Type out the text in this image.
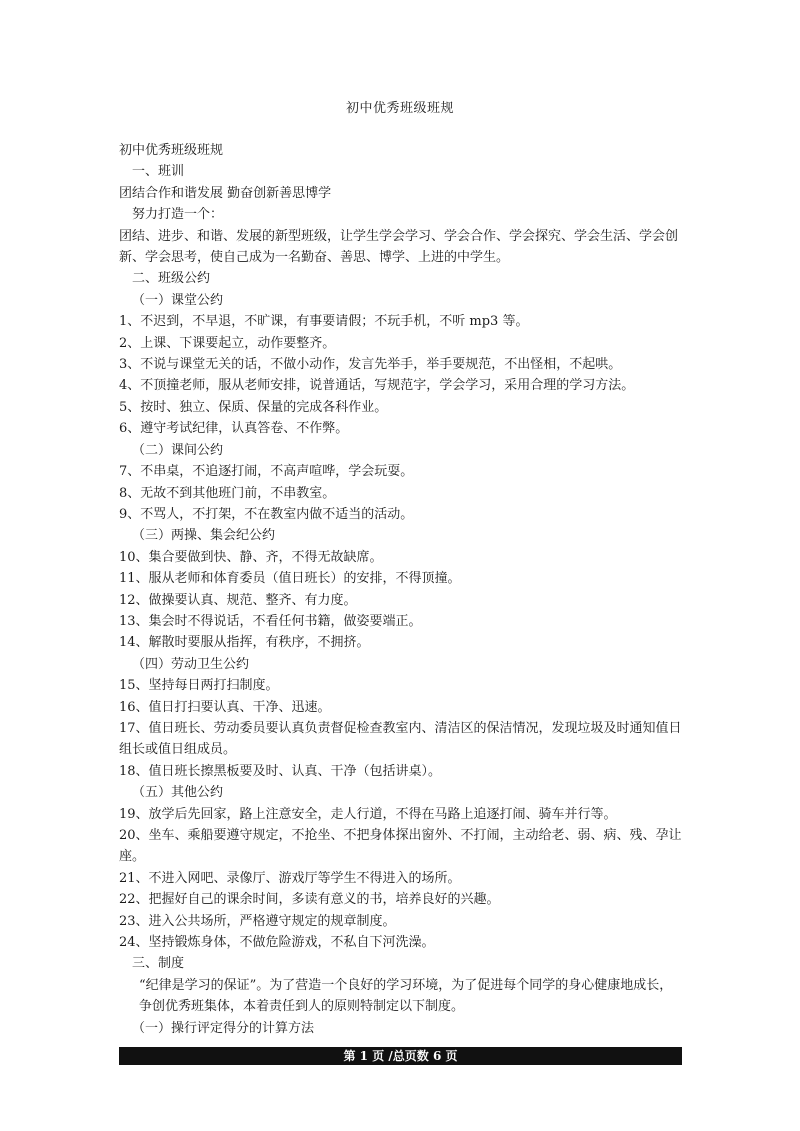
初中优秀班级班规

初中优秀班级班规

一、班训

团结合作和谐发展 勤奋创新善思博学

努力打造一个：

团结、进步、和谐、发展的新型班级，让学生学会学习、学会合作、学会探究、学会生活、学会创新、学会思考，使自己成为一名勤奋、善思、博学、上进的中学生。

二、班级公约

（一）课堂公约

1、不迟到，不早退，不旷课，有事要请假；不玩手机，不听 mp3 等。

2、上课、下课要起立，动作要整齐。

3、不说与课堂无关的话，不做小动作，发言先举手，举手要规范，不出怪相，不起哄。

4、不顶撞老师，服从老师安排，说普通话，写规范字，学会学习，采用合理的学习方法。

5、按时、独立、保质、保量的完成各科作业。

6、遵守考试纪律，认真答卷、不作弊。

（二）课间公约

7、不串桌，不追逐打闹，不高声喧哗，学会玩耍。

8、无故不到其他班门前，不串教室。

9、不骂人，不打架，不在教室内做不适当的活动。

（三）两操、集会纪公约

10、集合要做到快、静、齐，不得无故缺席。

11、服从老师和体育委员（值日班长）的安排，不得顶撞。

12、做操要认真、规范、整齐、有力度。

13、集会时不得说话，不看任何书籍，做姿要端正。

14、解散时要服从指挥，有秩序，不拥挤。

（四）劳动卫生公约

15、坚持每日两打扫制度。

16、值日打扫要认真、干净、迅速。

17、值日班长、劳动委员要认真负责督促检查教室内、清洁区的保洁情况，发现垃圾及时通知值日组长或值日组成员。

18、值日班长擦黑板要及时、认真、干净（包括讲桌）。

（五）其他公约

19、放学后先回家，路上注意安全，走人行道，不得在马路上追逐打闹、骑车并行等。

20、坐车、乘船要遵守规定，不抢坐、不把身体探出窗外、不打闹，主动给老、弱、病、残、孕让座。

21、不进入网吧、录像厅、游戏厅等学生不得进入的场所。

22、把握好自己的课余时间，多读有意义的书，培养良好的兴趣。

23、进入公共场所，严格遵守规定的规章制度。

24、坚持锻炼身体，不做危险游戏，不私自下河洗澡。

三、制度

“纪律是学习的保证”。为了营造一个良好的学习环境，为了促进每个同学的身心健康地成长，争创优秀班集体，本着责任到人的原则特制定以下制度。

（一）操行评定得分的计算方法

第 1 页 /总页数 6 页
